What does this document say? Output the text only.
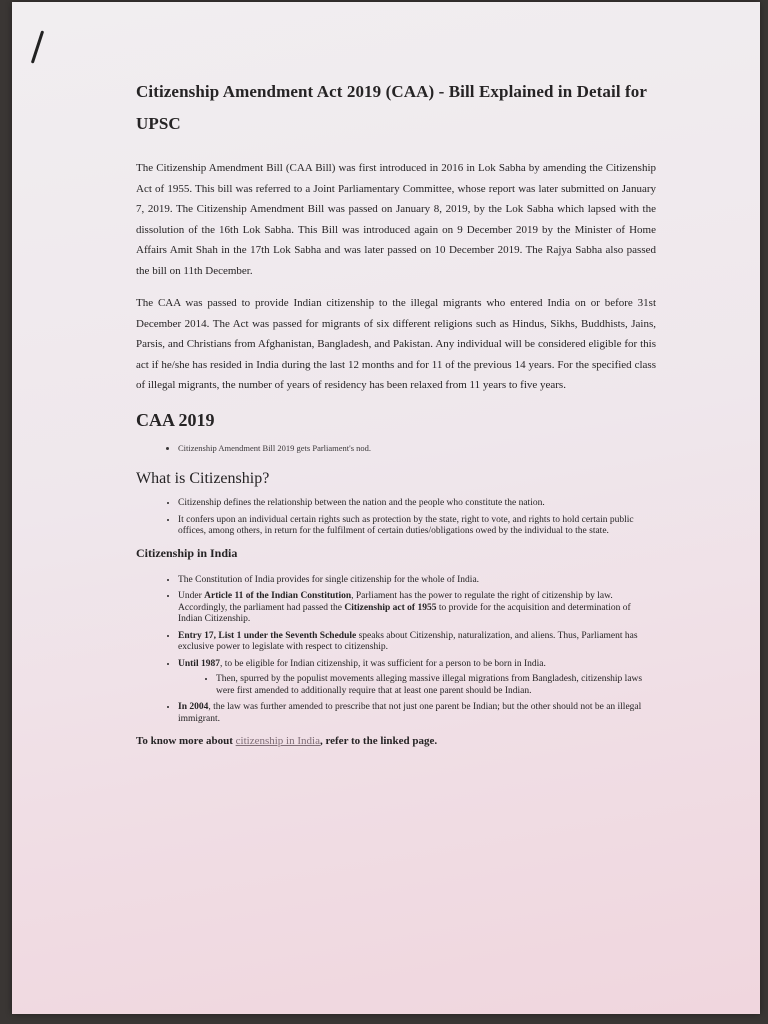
Citizenship Amendment Act 2019 (CAA) - Bill Explained in Detail for UPSC

The Citizenship Amendment Bill (CAA Bill) was first introduced in 2016 in Lok Sabha by amending the Citizenship Act of 1955. This bill was referred to a Joint Parliamentary Committee, whose report was later submitted on January 7, 2019. The Citizenship Amendment Bill was passed on January 8, 2019, by the Lok Sabha which lapsed with the dissolution of the 16th Lok Sabha. This Bill was introduced again on 9 December 2019 by the Minister of Home Affairs Amit Shah in the 17th Lok Sabha and was later passed on 10 December 2019. The Rajya Sabha also passed the bill on 11th December.

The CAA was passed to provide Indian citizenship to the illegal migrants who entered India on or before 31st December 2014. The Act was passed for migrants of six different religions such as Hindus, Sikhs, Buddhists, Jains, Parsis, and Christians from Afghanistan, Bangladesh, and Pakistan. Any individual will be considered eligible for this act if he/she has resided in India during the last 12 months and for 11 of the previous 14 years. For the specified class of illegal migrants, the number of years of residency has been relaxed from 11 years to five years.

CAA 2019
• Citizenship Amendment Bill 2019 gets Parliament's nod.
What is Citizenship?
• Citizenship defines the relationship between the nation and the people who constitute the nation.
• It confers upon an individual certain rights such as protection by the state, right to vote, and rights to hold certain public offices, among others, in return for the fulfilment of certain duties/obligations owed by the individual to the state.
Citizenship in India
• The Constitution of India provides for single citizenship for the whole of India.
• Under Article 11 of the Indian Constitution, Parliament has the power to regulate the right of citizenship by law. Accordingly, the parliament had passed the Citizenship act of 1955 to provide for the acquisition and determination of Indian Citizenship.
• Entry 17, List 1 under the Seventh Schedule speaks about Citizenship, naturalization, and aliens. Thus, Parliament has exclusive power to legislate with respect to citizenship.
• Until 1987, to be eligible for Indian citizenship, it was sufficient for a person to be born in India.
• Then, spurred by the populist movements alleging massive illegal migrations from Bangladesh, citizenship laws were first amended to additionally require that at least one parent should be Indian.
• In 2004, the law was further amended to prescribe that not just one parent be Indian; but the other should not be an illegal immigrant.
To know more about citizenship in India, refer to the linked page.
